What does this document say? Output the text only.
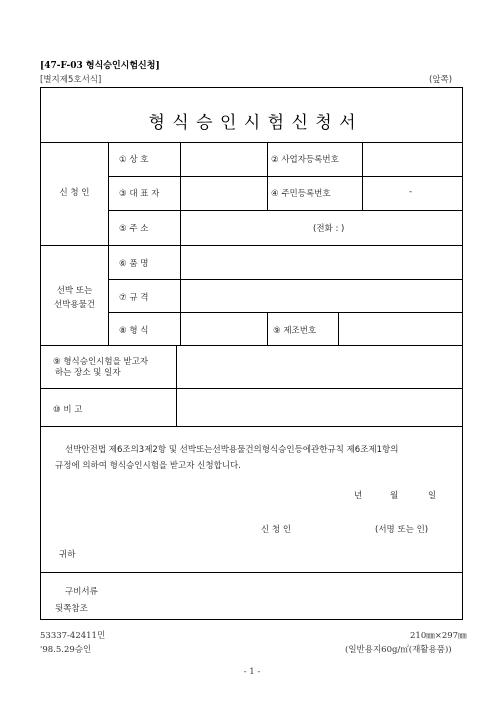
[47-F-03 형식승인시험신청]
[별지제5호서식]	(앞쪽)
형 식 승 인 시 험 신 청 서
신 청 인
① 상 호	② 사업자등록번호
③ 대 표 자	④ 주민등록번호	-
⑤ 주 소	(전화 : )
선박 또는
선박용물건
⑥ 품 명
⑦ 규 격
⑧ 형 식	⑨ 제조번호
⑨ 형식승인시험을 받고자
하는 장소 및 일자
⑩ 비 고
선박안전법 제6조의3제2항 및 선박또는선박용물건의형식승인등에관한규칙 제6조제1항의
규정에 의하여 형식승인시험을 받고자 신청합니다.
년	월	일
신 청 인	(서명 또는 인)
귀하
구비서류
뒷쪽참조
53337-42411민
'98.5.29승인
210㎜×297㎜
(일반용지60g/㎡(재활용품))
- 1 -
